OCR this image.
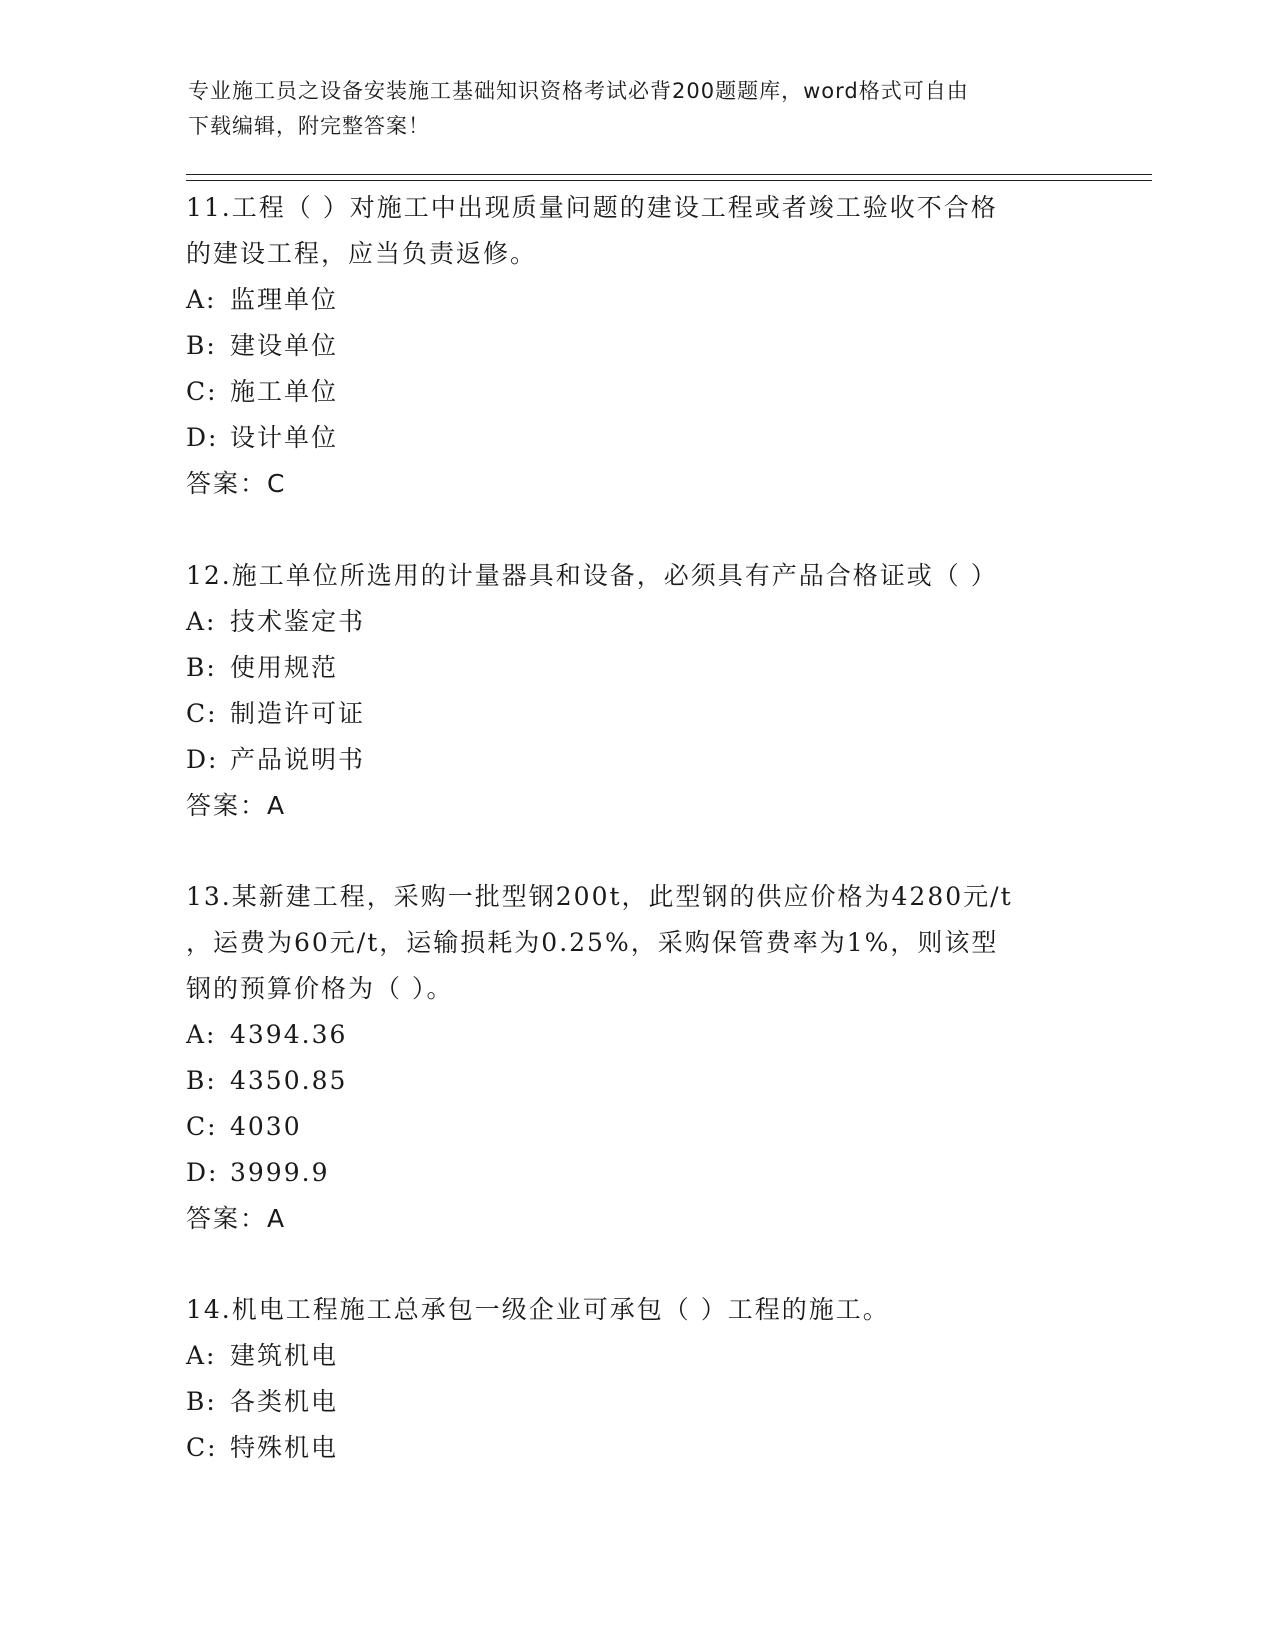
专业施工员之设备安装施工基础知识资格考试必背200题题库，word格式可自由
下载编辑，附完整答案！
11.工程（ ）对施工中出现质量问题的建设工程或者竣工验收不合格
的建设工程，应当负责返修。
A: 监理单位
B: 建设单位
C: 施工单位
D: 设计单位
答案：C
12.施工单位所选用的计量器具和设备，必须具有产品合格证或（ ）
A: 技术鉴定书
B: 使用规范
C: 制造许可证
D: 产品说明书
答案：A
13.某新建工程，采购一批型钢200t，此型钢的供应价格为4280元/t
，运费为60元/t，运输损耗为0.25%，采购保管费率为1%，则该型
钢的预算价格为（ ）。
A: 4394.36
B: 4350.85
C: 4030
D: 3999.9
答案：A
14.机电工程施工总承包一级企业可承包（ ）工程的施工。
A: 建筑机电
B: 各类机电
C: 特殊机电
